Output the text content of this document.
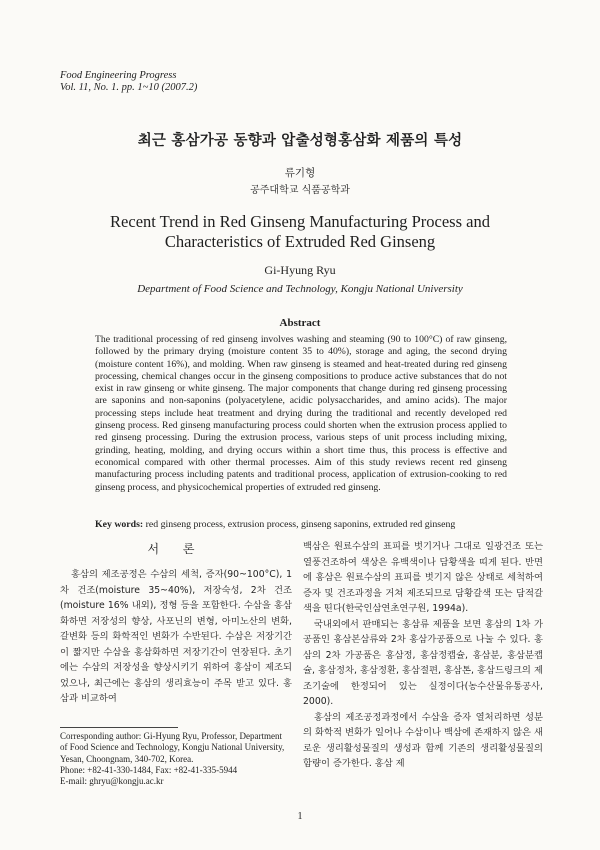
Food Engineering Progress
Vol. 11, No. 1. pp. 1~10 (2007.2)
최근 홍삼가공 동향과 압출성형홍삼화 제품의 특성
류기형
공주대학교 식품공학과
Recent Trend in Red Ginseng Manufacturing Process and
Characteristics of Extruded Red Ginseng
Gi-Hyung Ryu
Department of Food Science and Technology, Kongju National University
Abstract
The traditional processing of red ginseng involves washing and steaming (90 to 100°C) of raw ginseng, followed by the primary drying (moisture content 35 to 40%), storage and aging, the second drying (moisture content 16%), and molding. When raw ginseng is steamed and heat-treated during red ginseng processing, chemical changes occur in the ginseng compositions to produce active substances that do not exist in raw ginseng or white ginseng. The major components that change during red ginseng processing are saponins and non-saponins (polyacetylene, acidic polysaccharides, and amino acids). The major processing steps include heat treatment and drying during the traditional and recently developed red ginseng process. Red ginseng manufacturing process could shorten when the extrusion process applied to red ginseng processing. During the extrusion process, various steps of unit process including mixing, grinding, heating, molding, and drying occurs within a short time thus, this process is effective and economical compared with other thermal processes. Aim of this study reviews recent red ginseng manufacturing process including patents and traditional process, application of extrusion-cooking to red ginseng process, and physicochemical properties of extruded red ginseng.
Key words: red ginseng process, extrusion process, ginseng saponins, extruded red ginseng
서 론

홍삼의 제조공정은 수삼의 세척, 증자(90~100°C), 1차 건조(moisture 35~40%), 저장숙성, 2차 건조(moisture 16% 내외), 정형 등을 포함한다. 수삼을 홍삼화하면 저장성의 향상, 사포닌의 변형, 아미노산의 변화, 갈변화 등의 화학적인 변화가 수반된다. 수삼은 저장기간이 짧지만 수삼을 홍삼화하면 저장기간이 연장된다. 초기에는 수삼의 저장성을 향상시키기 위하여 홍삼이 제조되었으나, 최근에는 홍삼의 생리효능이 주목 받고 있다. 홍삼과 비교하여

백삼은 원료수삼의 표피를 벗기거나 그대로 일광건조 또는 열풍건조하여 색상은 유백색이나 담황색을 띠게 된다. 반면에 홍삼은 원료수삼의 표피를 벗기지 않은 상태로 세척하여 증자 및 건조과정을 거쳐 제조되므로 담황갈색 또는 담적갈색을 띤다(한국인삼연초연구원, 1994a).

국내외에서 판매되는 홍삼류 제품을 보면 홍삼의 1차 가공품인 홍삼본삼류와 2차 홍삼가공품으로 나눌 수 있다. 홍삼의 2차 가공품은 홍삼정, 홍삼정캡슐, 홍삼분, 홍삼분캡슐, 홍삼정차, 홍삼정환, 홍삼절편, 홍삼톤, 홍삼드링크의 제조기술에 한정되어 있는 실정이다(농수산물유통공사, 2000).

홍삼의 제조공정과정에서 수삼을 증자 열처리하면 성분의 화학적 변화가 일어나 수삼이나 백삼에 존재하지 않은 새로운 생리활성물질의 생성과 함께 기존의 생리활성물질의 함량이 증가한다. 홍삼 제

Corresponding author: Gi-Hyung Ryu, Professor, Department
of Food Science and Technology, Kongju National University,
Yesan, Choongnam, 340-702, Korea.
Phone: +82-41-330-1484, Fax: +82-41-335-5944
E-mail: ghryu@kongju.ac.kr
1
